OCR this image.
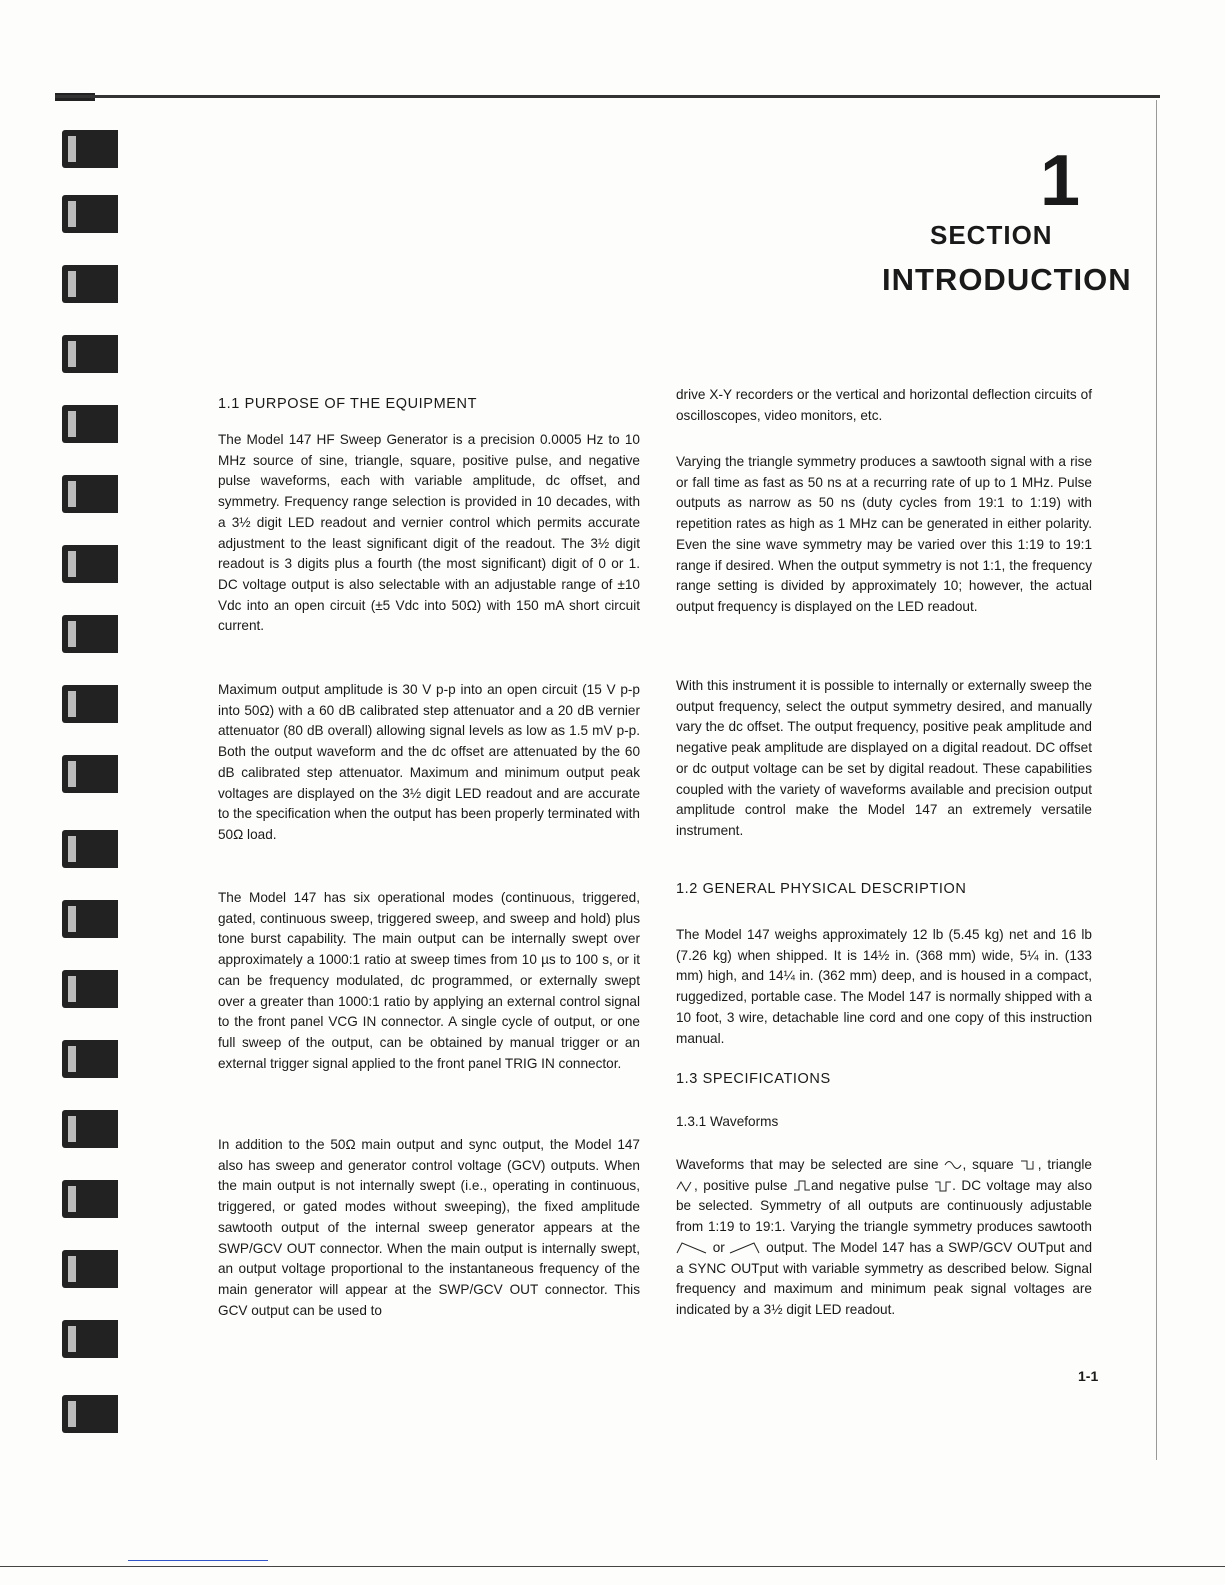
SECTION
1
INTRODUCTION
1.1 PURPOSE OF THE EQUIPMENT
The Model 147 HF Sweep Generator is a precision 0.0005 Hz to 10 MHz source of sine, triangle, square, positive pulse, and negative pulse waveforms, each with variable amplitude, dc offset, and symmetry. Frequency range selection is provided in 10 decades, with a 3½ digit LED readout and vernier control which permits accurate adjustment to the least significant digit of the readout. The 3½ digit readout is 3 digits plus a fourth (the most significant) digit of 0 or 1. DC voltage output is also selectable with an adjustable range of ±10 Vdc into an open circuit (±5 Vdc into 50Ω) with 150 mA short circuit current.
Maximum output amplitude is 30 V p-p into an open circuit (15 V p-p into 50Ω) with a 60 dB calibrated step attenuator and a 20 dB vernier attenuator (80 dB overall) allowing signal levels as low as 1.5 mV p-p. Both the output waveform and the dc offset are attenuated by the 60 dB calibrated step attenuator. Maximum and minimum output peak voltages are displayed on the 3½ digit LED readout and are accurate to the specification when the output has been properly terminated with 50Ω load.
The Model 147 has six operational modes (continuous, triggered, gated, continuous sweep, triggered sweep, and sweep and hold) plus tone burst capability. The main output can be internally swept over approximately a 1000:1 ratio at sweep times from 10 µs to 100 s, or it can be frequency modulated, dc programmed, or externally swept over a greater than 1000:1 ratio by applying an external control signal to the front panel VCG IN connector. A single cycle of output, or one full sweep of the output, can be obtained by manual trigger or an external trigger signal applied to the front panel TRIG IN connector.
In addition to the 50Ω main output and sync output, the Model 147 also has sweep and generator control voltage (GCV) outputs. When the main output is not internally swept (i.e., operating in continuous, triggered, or gated modes without sweeping), the fixed amplitude sawtooth output of the internal sweep generator appears at the SWP/GCV OUT connector. When the main output is internally swept, an output voltage proportional to the instantaneous frequency of the main generator will appear at the SWP/GCV OUT connector. This GCV output can be used to
drive X-Y recorders or the vertical and horizontal deflection circuits of oscilloscopes, video monitors, etc.
Varying the triangle symmetry produces a sawtooth signal with a rise or fall time as fast as 50 ns at a recurring rate of up to 1 MHz. Pulse outputs as narrow as 50 ns (duty cycles from 19:1 to 1:19) with repetition rates as high as 1 MHz can be generated in either polarity. Even the sine wave symmetry may be varied over this 1:19 to 19:1 range if desired. When the output symmetry is not 1:1, the frequency range setting is divided by approximately 10; however, the actual output frequency is displayed on the LED readout.
With this instrument it is possible to internally or externally sweep the output frequency, select the output symmetry desired, and manually vary the dc offset. The output frequency, positive peak amplitude and negative peak amplitude are displayed on a digital readout. DC offset or dc output voltage can be set by digital readout. These capabilities coupled with the variety of waveforms available and precision output amplitude control make the Model 147 an extremely versatile instrument.
1.2 GENERAL PHYSICAL DESCRIPTION
The Model 147 weighs approximately 12 lb (5.45 kg) net and 16 lb (7.26 kg) when shipped. It is 14½ in. (368 mm) wide, 5¼ in. (133 mm) high, and 14¼ in. (362 mm) deep, and is housed in a compact, ruggedized, portable case. The Model 147 is normally shipped with a 10 foot, 3 wire, detachable line cord and one copy of this instruction manual.
1.3 SPECIFICATIONS
1.3.1 Waveforms
Waveforms that may be selected are sine , square , triangle , positive pulse and negative pulse . DC voltage may also be selected. Symmetry of all outputs are continuously adjustable from 1:19 to 19:1. Varying the triangle symmetry produces sawtooth  or	output. The Model 147 has a SWP/GCV OUTput and a SYNC OUTput with variable symmetry as described below. Signal frequency and maximum and minimum peak signal voltages are indicated by a 3½ digit LED readout.
1-1
